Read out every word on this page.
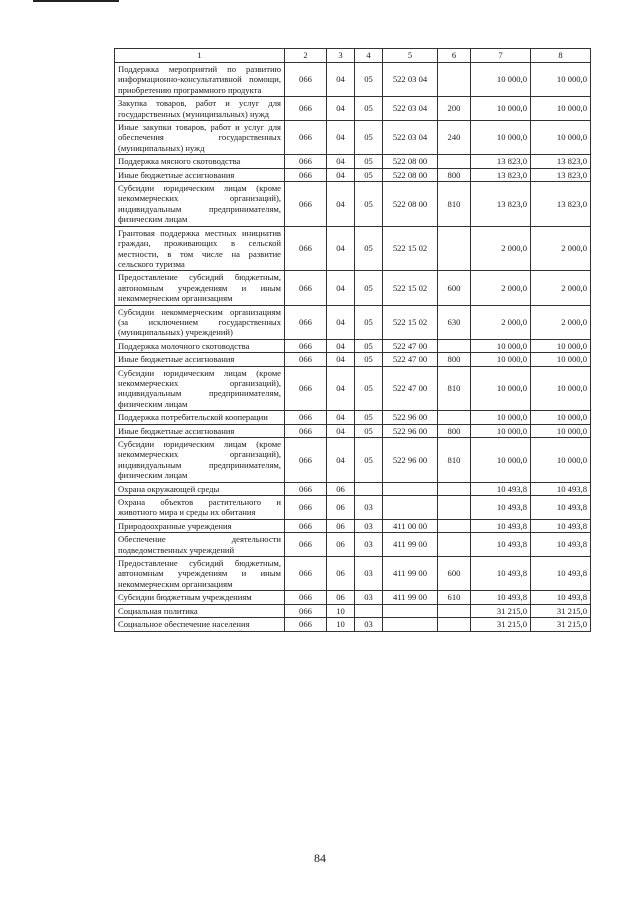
1	2	3	4	5	6	7	8
Поддержка мероприятий по развитию информационно-консультативной помощи, приобретению программного продукта	066	04	05	522 03 04		10 000,0	10 000,0
Закупка товаров, работ и услуг для государственных (муниципальных) нужд	066	04	05	522 03 04	200	10 000,0	10 000,0
Иные закупки товаров, работ и услуг для обеспечения государственных (муниципальных) нужд	066	04	05	522 03 04	240	10 000,0	10 000,0
Поддержка мясного скотоводства	066	04	05	522 08 00		13 823,0	13 823,0
Иные бюджетные ассигнования	066	04	05	522 08 00	800	13 823,0	13 823,0
Субсидии юридическим лицам (кроме некоммерческих организаций), индивидуальным предпринимателям, физическим лицам	066	04	05	522 08 00	810	13 823,0	13 823,0
Грантовая поддержка местных инициатив граждан, проживающих в сельской местности, в том числе на развитие сельского туризма	066	04	05	522 15 02		2 000,0	2 000,0
Предоставление субсидий бюджетным, автономным учреждениям и иным некоммерческим организациям	066	04	05	522 15 02	600	2 000,0	2 000,0
Субсидии некоммерческим организациям (за исключением государственных (муниципальных) учреждений)	066	04	05	522 15 02	630	2 000,0	2 000,0
Поддержка молочного скотоводства	066	04	05	522 47 00		10 000,0	10 000,0
Иные бюджетные ассигнования	066	04	05	522 47 00	800	10 000,0	10 000,0
Субсидии юридическим лицам (кроме некоммерческих организаций), индивидуальным предпринимателям, физическим лицам	066	04	05	522 47 00	810	10 000,0	10 000,0
Поддержка потребительской кооперации	066	04	05	522 96 00		10 000,0	10 000,0
Иные бюджетные ассигнования	066	04	05	522 96 00	800	10 000,0	10 000,0
Субсидии юридическим лицам (кроме некоммерческих организаций), индивидуальным предпринимателям, физическим лицам	066	04	05	522 96 00	810	10 000,0	10 000,0
Охрана окружающей среды	066	06				10 493,8	10 493,8
Охрана объектов растительного и животного мира и среды их обитания	066	06	03			10 493,8	10 493,8
Природоохранные учреждения	066	06	03	411 00 00		10 493,8	10 493,8
Обеспечение деятельности подведомственных учреждений	066	06	03	411 99 00		10 493,8	10 493,8
Предоставление субсидий бюджетным, автономным учреждениям и иным некоммерческим организациям	066	06	03	411 99 00	600	10 493,8	10 493,8
Субсидии бюджетным учреждениям	066	06	03	411 99 00	610	10 493,8	10 493,8
Социальная политика	066	10				31 215,0	31 215,0
Социальное обеспечение населения	066	10	03			31 215,0	31 215,0
84
